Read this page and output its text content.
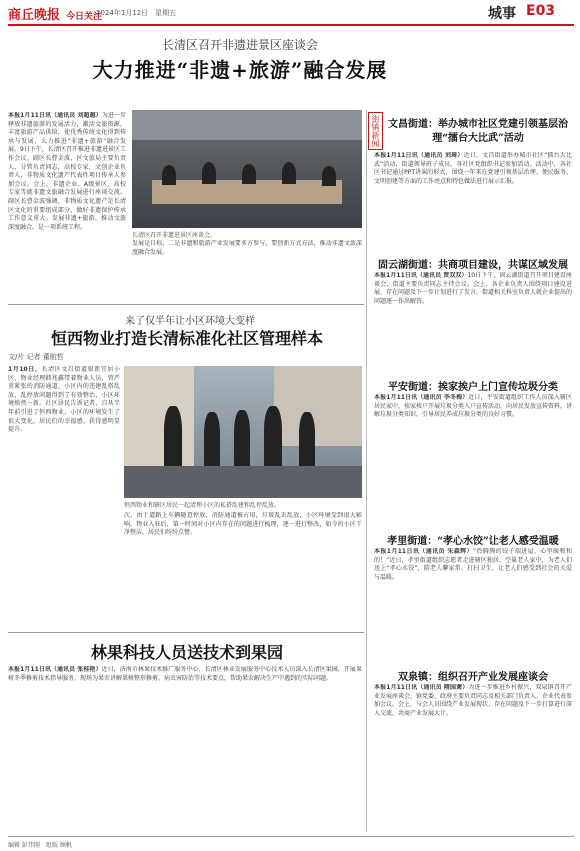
商丘晚报 今日关注
2024年1月12日　星期五	城事 E03
长清区召开非遗进景区座谈会
大力推进“非遗+旅游”融合发展

本报1月11日讯（通讯员 刘超越）为进一步释放非遗旅游的发展活力，激活文旅资源，丰富旅游产品供给，使优秀传统文化得到传承与发展，大力推进“非遗+旅游”融合发展。9日下午，长清区召开推进非遗进景区工作会议。副区长曹金波，区文旅局主要负责人，分管负责同志，高校专家，文创企业负责人，非物质文化遗产代表性项目传承人参加会议。会上，非遗企业、A级景区、高校专家等就非遗文旅融合发展进行座谈交流。副区长曹金波强调，非物质文化遗产是长清区文化的重要组成部分，做好非遗保护传承工作意义重大。发展非遗+旅游，推动文旅深度融合，是一项系统工程。

长清区召开非遗进景区座谈会。

发展是目标，二是非遗和旅游产业发展要多方参与，要创新方式方法，推动非遗文旅深度融合发展。

街镇新闻 文昌街道：举办城市社区党建引领基层治理“擂台大比武”活动

本报1月11日讯（通讯员 刘琦）近日，文昌街道举办城市社区“擂台大比武”活动，街道领导班子成员、各社区党组织书记参加活动。活动中，各社区书记通过PPT讲演的形式，围绕一年来在党建引领基层治理、便民服务、文明创建等方面的工作亮点和特色做法进行展示汇报。

固云湖街道：共商项目建设，共谋区域发展

本报1月11日讯（通讯员 贾双双）10日下午，固云湖街道召开项目建设座谈会，街道主要负责同志主持会议。会上，各企业负责人围绕项目建设进展、存在问题及下一步计划进行了发言，街道相关科室负责人就企业提出的问题逐一作出解答。

平安街道：挨家挨户上门宣传垃圾分类

本报1月11日讯（通讯员 李冬梅）近日，平安街道组织工作人员深入辖区居民家中，挨家挨户开展垃圾分类入户宣传活动，向居民发放宣传资料，讲解垃圾分类知识，引导居民养成垃圾分类的良好习惯。

孝里街道：“孝心水饺”让老人感受温暖

本报1月11日讯（通讯员 朱森辉）“热腾腾的饺子端进屋，心里暖和和的！”近日，孝里街道组织志愿者走进辖区独居、空巢老人家中，为老人们送上“孝心水饺”，陪老人聊家常、打扫卫生，让老人们感受到社会的关爱与温暖。

双泉镇：组织召开产业发展座谈会

本报1月11日讯（通讯员 隋园萧）为进一步推进乡村振兴，双泉镇召开产业发展座谈会，镇党委、政府主要负责同志及相关部门负责人、企业代表参加会议。会上，与会人员围绕产业发展现状、存在问题及下一步打算进行深入交流，共商产业发展大计。

来了仅半年让小区环境大变样
恒西物业打造长清标准化社区管理样本
文/片 记者 董航哲

1月10日，长清区文昌街道银新宜居小区，物业经理韩兆鑫带着物业人员，管严重紧张的消防通道，小区内的违建乱搭乱放，乱停放问题得到了有效整治，小区环境焕然一新。社区居民告诉记者，自从半年前引进了恒西物业，小区的环境发生了很大变化，居民们的幸福感、获得感明显提升。

恒西物业和辖区居民一起清理小区的私搭乱建和乱停乱放。

次，由于道路上车辆随意停放，消防通道被占用，垃圾乱丢乱放，小区环境受到很大影响。物业入驻后，第一时间对小区内存在的问题进行梳理，逐一进行整改，如今的小区干净整洁，居民们纷纷点赞。

林果科技人员送技术到果园

本报1月11日讯（通讯员 张桂艳）近日，济南市林果技术推广服务中心、长清区林业发展服务中心技术人员深入长清区果园，开展果树冬季修剪技术指导服务，现场为果农讲解果树整形修剪、病虫害防治等技术要点，帮助果农解决生产中遇到的实际问题。

编辑 彭伟刚　组版 顾帆
